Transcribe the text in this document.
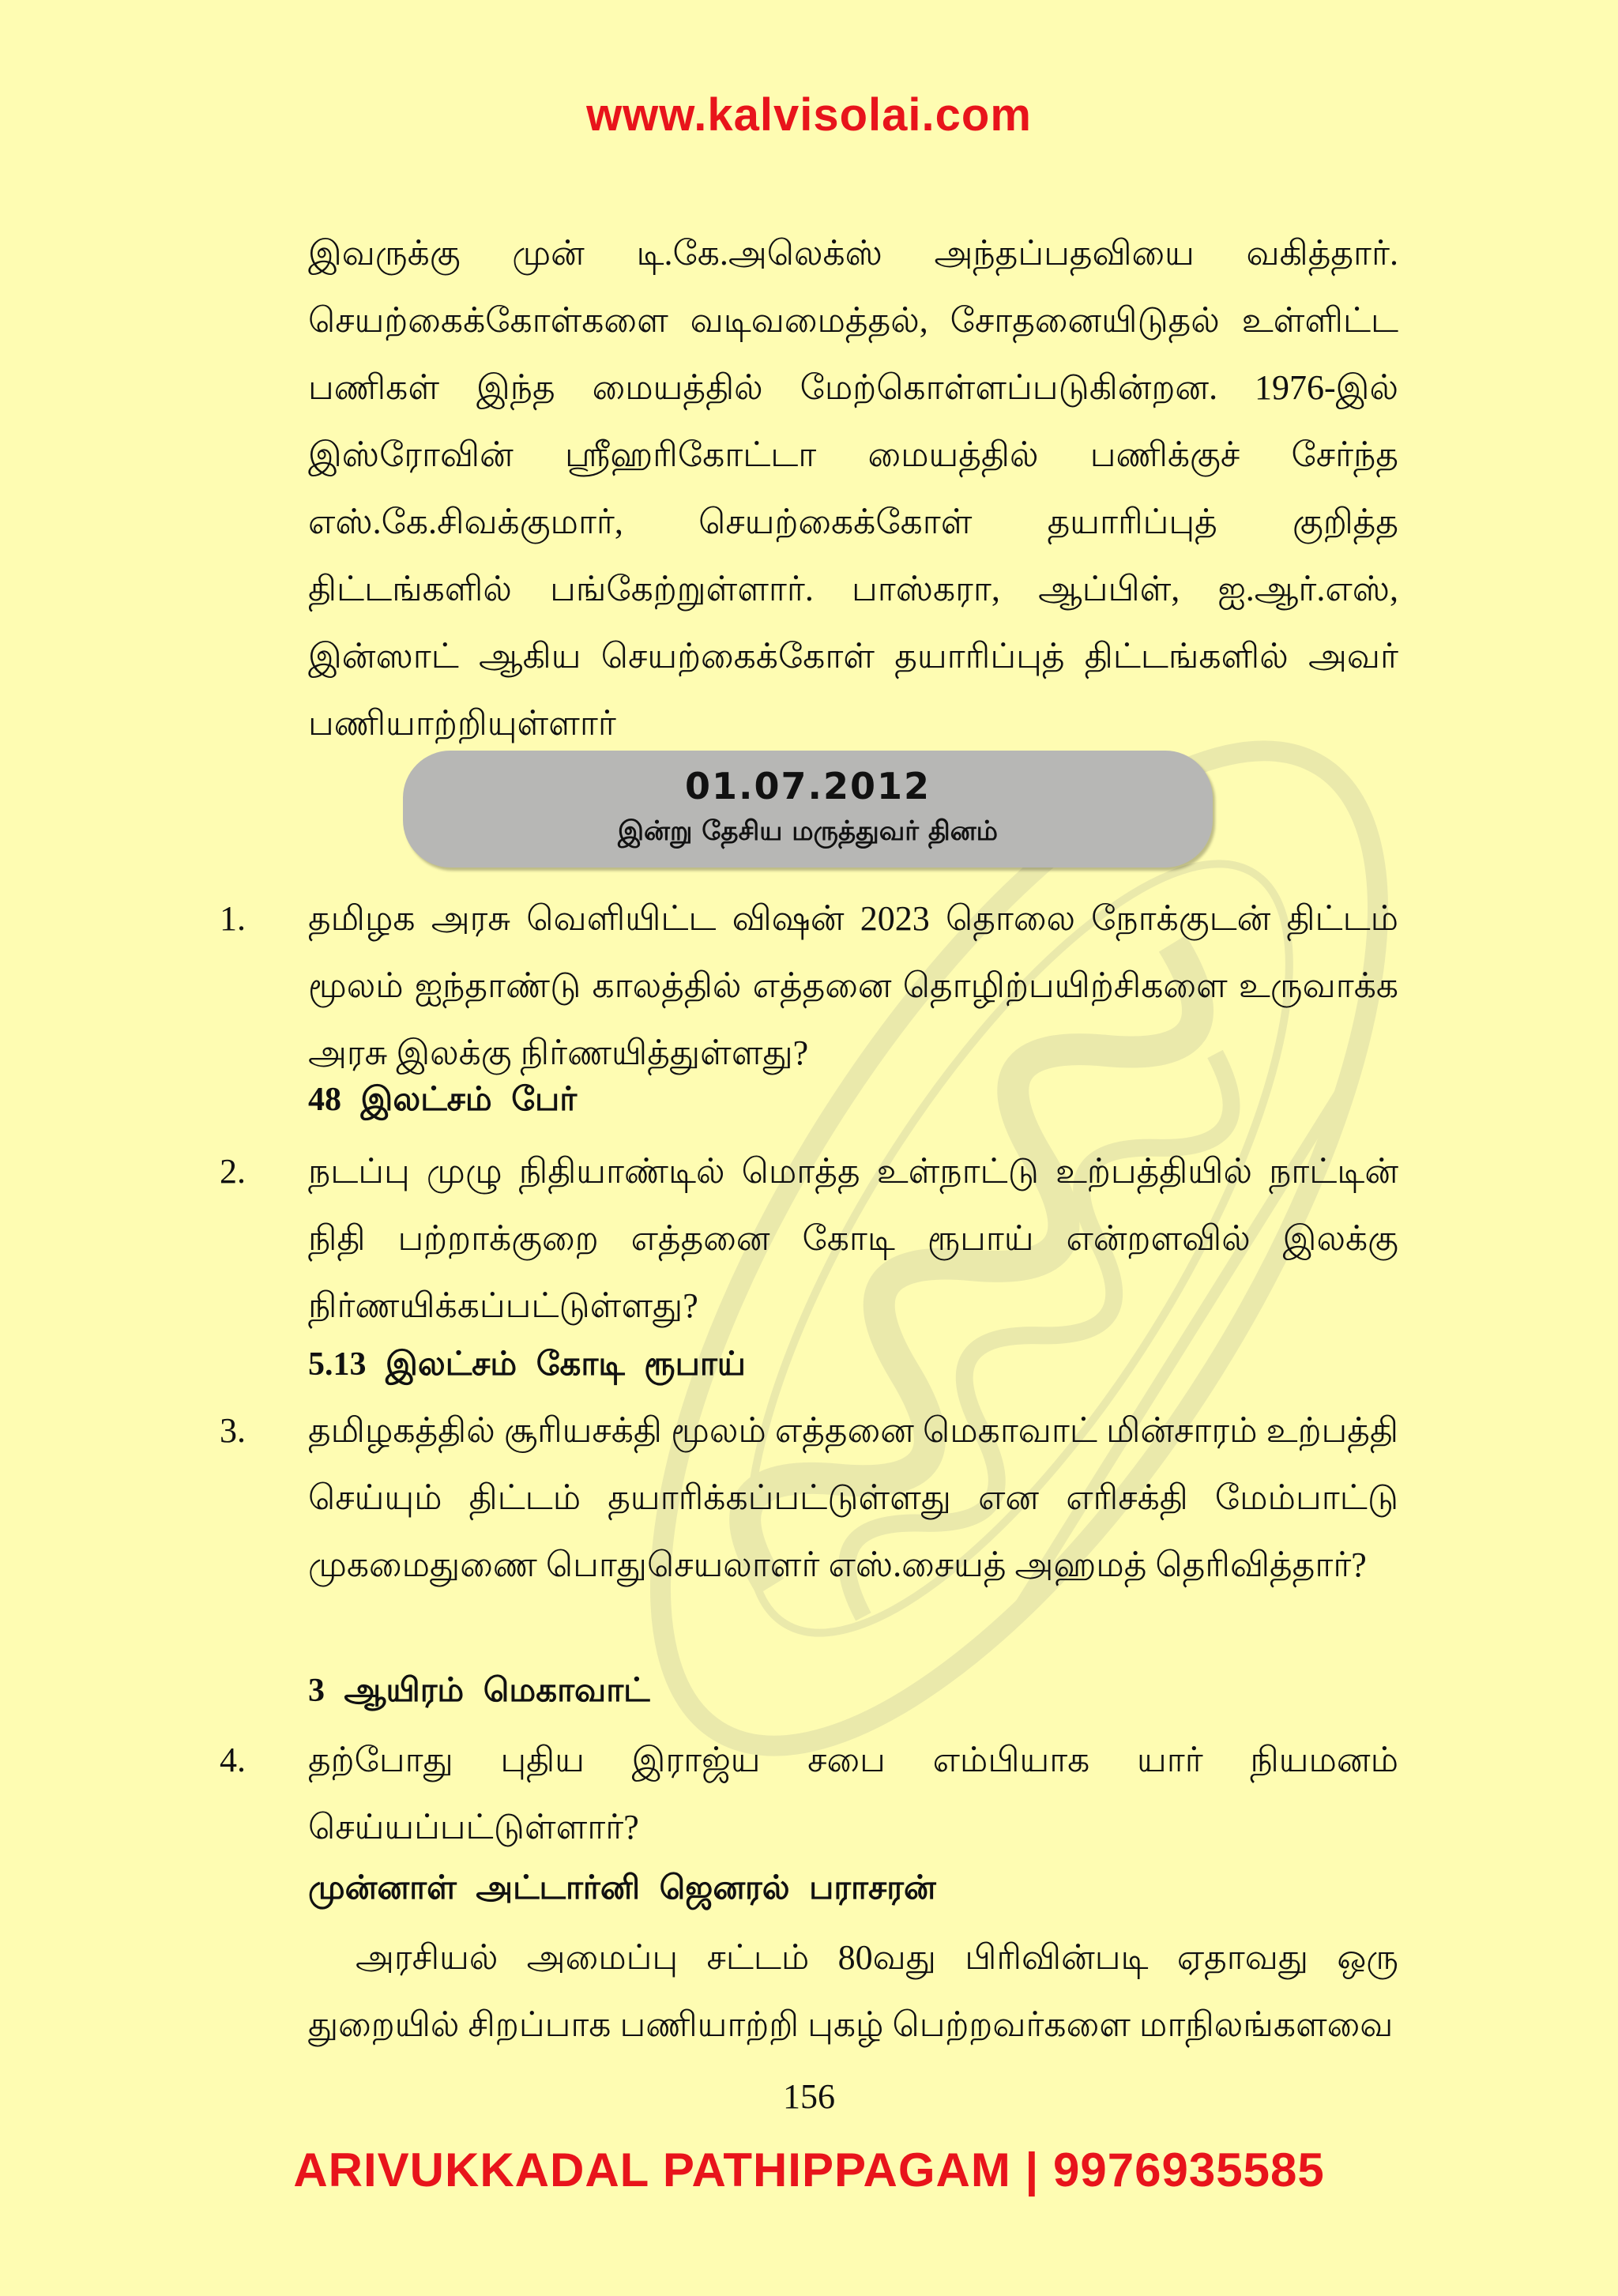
www.kalvisolai.com

இவருக்கு முன் டி.கே.அலெக்ஸ் அந்தப்பதவியை வகித்தார். செயற்கைக்கோள்களை வடிவமைத்தல், சோதனையிடுதல் உள்ளிட்ட பணிகள் இந்த மையத்தில் மேற்கொள்ளப்படுகின்றன. 1976-இல் இஸ்ரோவின் ஸ்ரீஹரிகோட்டா மையத்தில் பணிக்குச் சேர்ந்த எஸ்.கே.சிவக்குமார், செயற்கைக்கோள் தயாரிப்புத் குறித்த திட்டங்களில் பங்கேற்றுள்ளார். பாஸ்கரா, ஆப்பிள், ஐ.ஆர்.எஸ், இன்ஸாட் ஆகிய செயற்கைக்கோள் தயாரிப்புத் திட்டங்களில் அவர் பணியாற்றியுள்ளார்

01.07.2012
இன்று தேசிய மருத்துவர் தினம்
1. தமிழக அரசு வெளியிட்ட விஷன் 2023 தொலை நோக்குடன் திட்டம் மூலம் ஐந்தாண்டு காலத்தில் எத்தனை தொழிற்பயிற்சிகளை உருவாக்க அரசு இலக்கு நிர்ணயித்துள்ளது?

48 இலட்சம் பேர்
2. நடப்பு முழு நிதியாண்டில் மொத்த உள்நாட்டு உற்பத்தியில் நாட்டின் நிதி பற்றாக்குறை எத்தனை கோடி ரூபாய் என்றளவில் இலக்கு நிர்ணயிக்கப்பட்டுள்ளது?

5.13 இலட்சம் கோடி ரூபாய்
3. தமிழகத்தில் சூரியசக்தி மூலம் எத்தனை மெகாவாட் மின்சாரம் உற்பத்தி செய்யும் திட்டம் தயாரிக்கப்பட்டுள்ளது என எரிசக்தி மேம்பாட்டு முகமைதுணை பொதுசெயலாளர் எஸ்.சையத் அஹமத் தெரிவித்தார்?

3 ஆயிரம் மெகாவாட்
4. தற்போது புதிய இராஜ்ய சபை எம்பியாக யார் நியமனம் செய்யப்பட்டுள்ளார்?

முன்னாள் அட்டார்னி ஜெனரல் பராசரன்

அரசியல் அமைப்பு சட்டம் 80வது பிரிவின்படி ஏதாவது ஒரு துறையில் சிறப்பாக பணியாற்றி புகழ் பெற்றவர்களை மாநிலங்களவை

156
ARIVUKKADAL PATHIPPAGAM | 9976935585
